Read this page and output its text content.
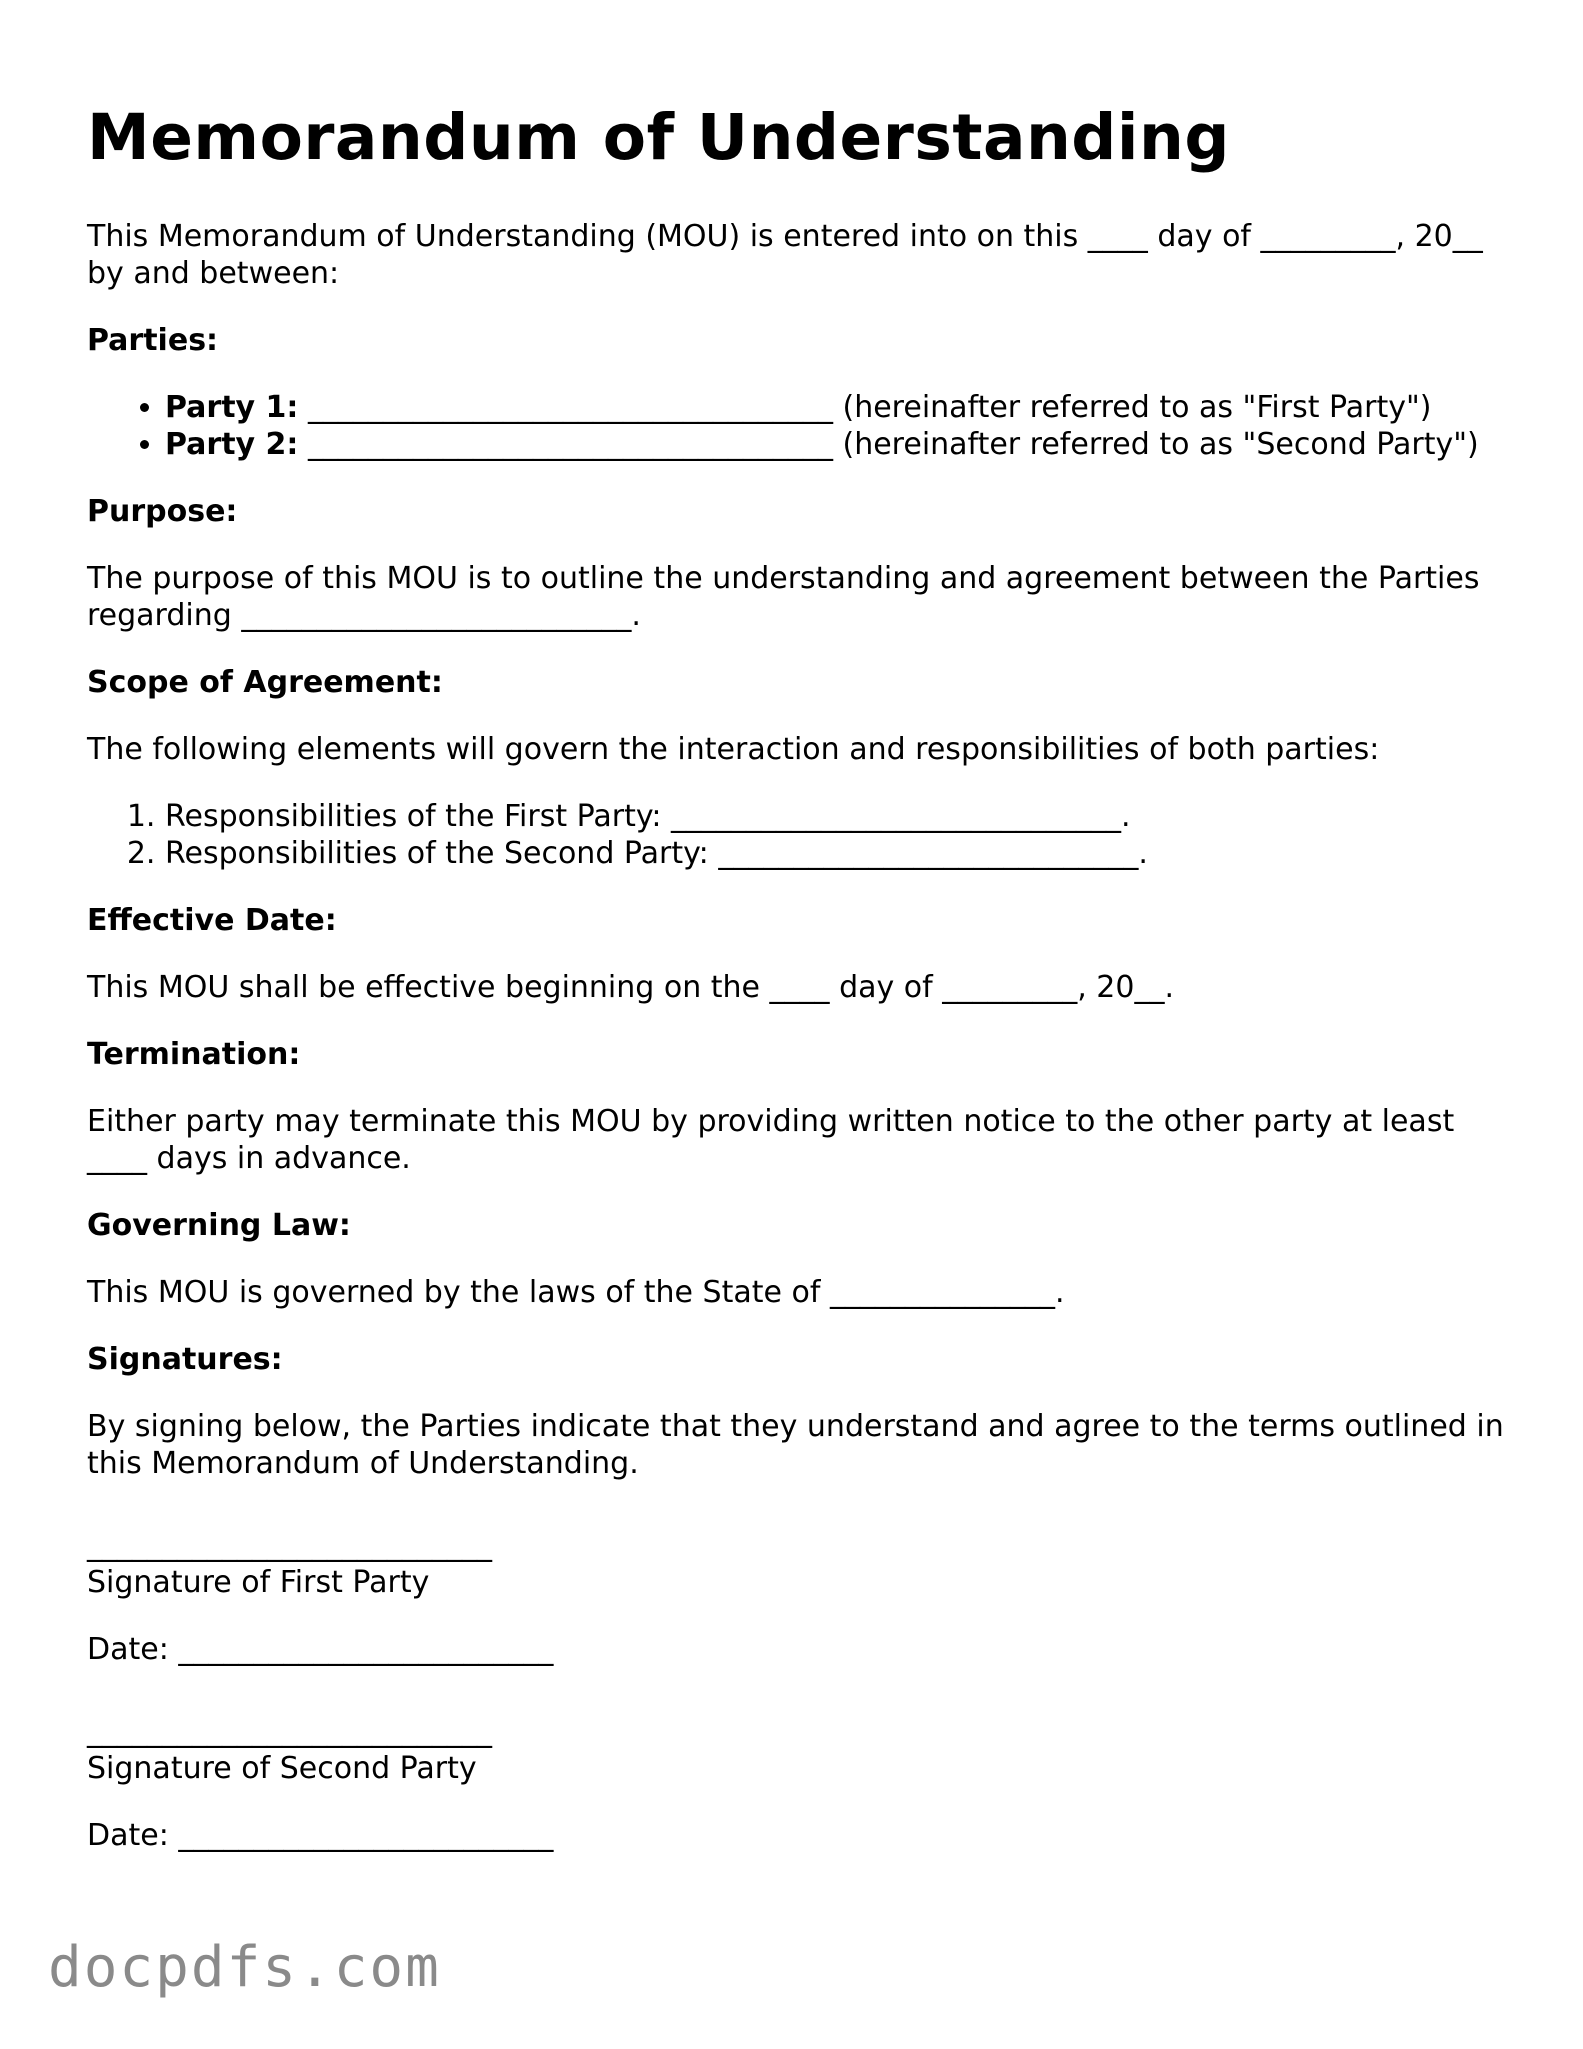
Memorandum of Understanding

This Memorandum of Understanding (MOU) is entered into on this ____ day of _________, 20__ by and between:

Parties:
• Party 1: ___________________________________ (hereinafter referred to as "First Party")
• Party 2: ___________________________________ (hereinafter referred to as "Second Party")
Purpose:

The purpose of this MOU is to outline the understanding and agreement between the Parties regarding __________________________.

Scope of Agreement:

The following elements will govern the interaction and responsibilities of both parties:

1. Responsibilities of the First Party: ______________________________.
2. Responsibilities of the Second Party: ____________________________.
Effective Date:

This MOU shall be effective beginning on the ____ day of _________, 20__.

Termination:

Either party may terminate this MOU by providing written notice to the other party at least ____ days in advance.

Governing Law:

This MOU is governed by the laws of the State of _______________.

Signatures:

By signing below, the Parties indicate that they understand and agree to the terms outlined in this Memorandum of Understanding.

___________________________
Signature of First Party
Date: _________________________
___________________________
Signature of Second Party
Date: _________________________
docpdfs.com
